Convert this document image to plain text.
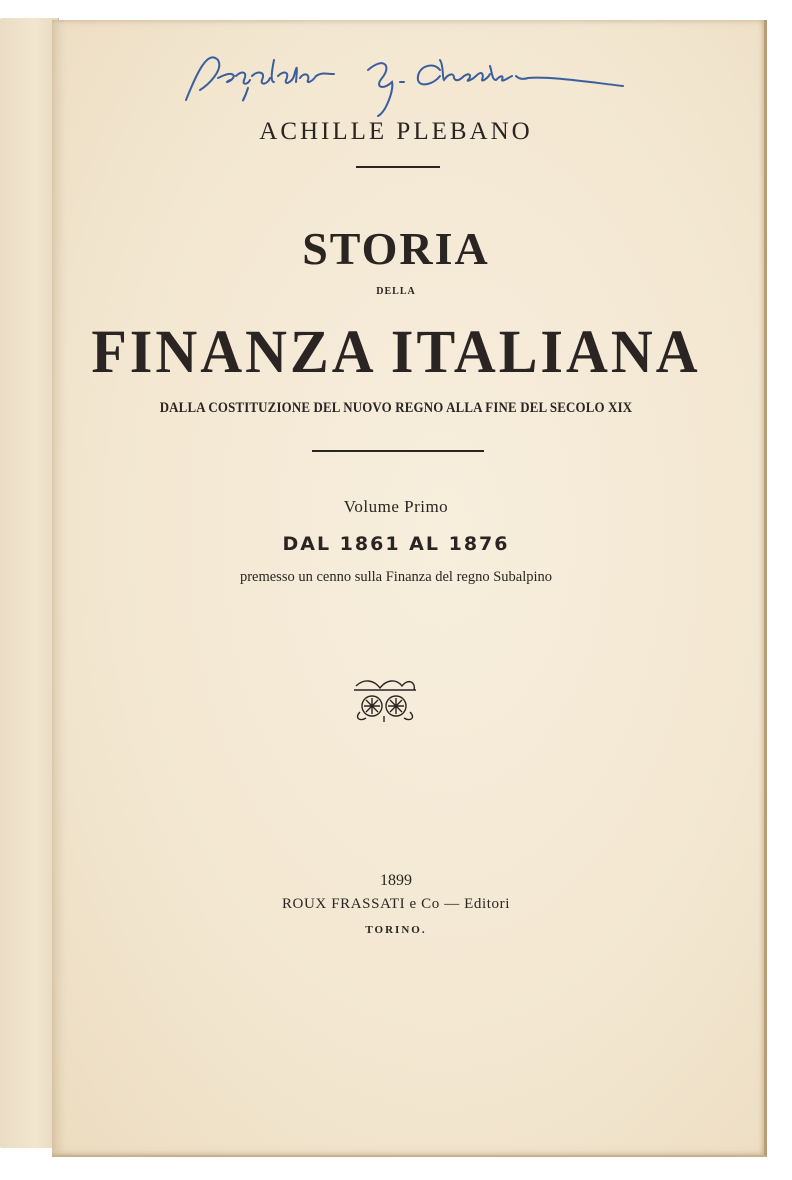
ACHILLE PLEBANO
STORIA
DELLA
FINANZA ITALIANA
DALLA COSTITUZIONE DEL NUOVO REGNO ALLA FINE DEL SECOLO XIX
Volume Primo
DAL 1861 AL 1876
premesso un cenno sulla Finanza del regno Subalpino
1899
ROUX FRASSATI e Co — Editori
TORINO.
